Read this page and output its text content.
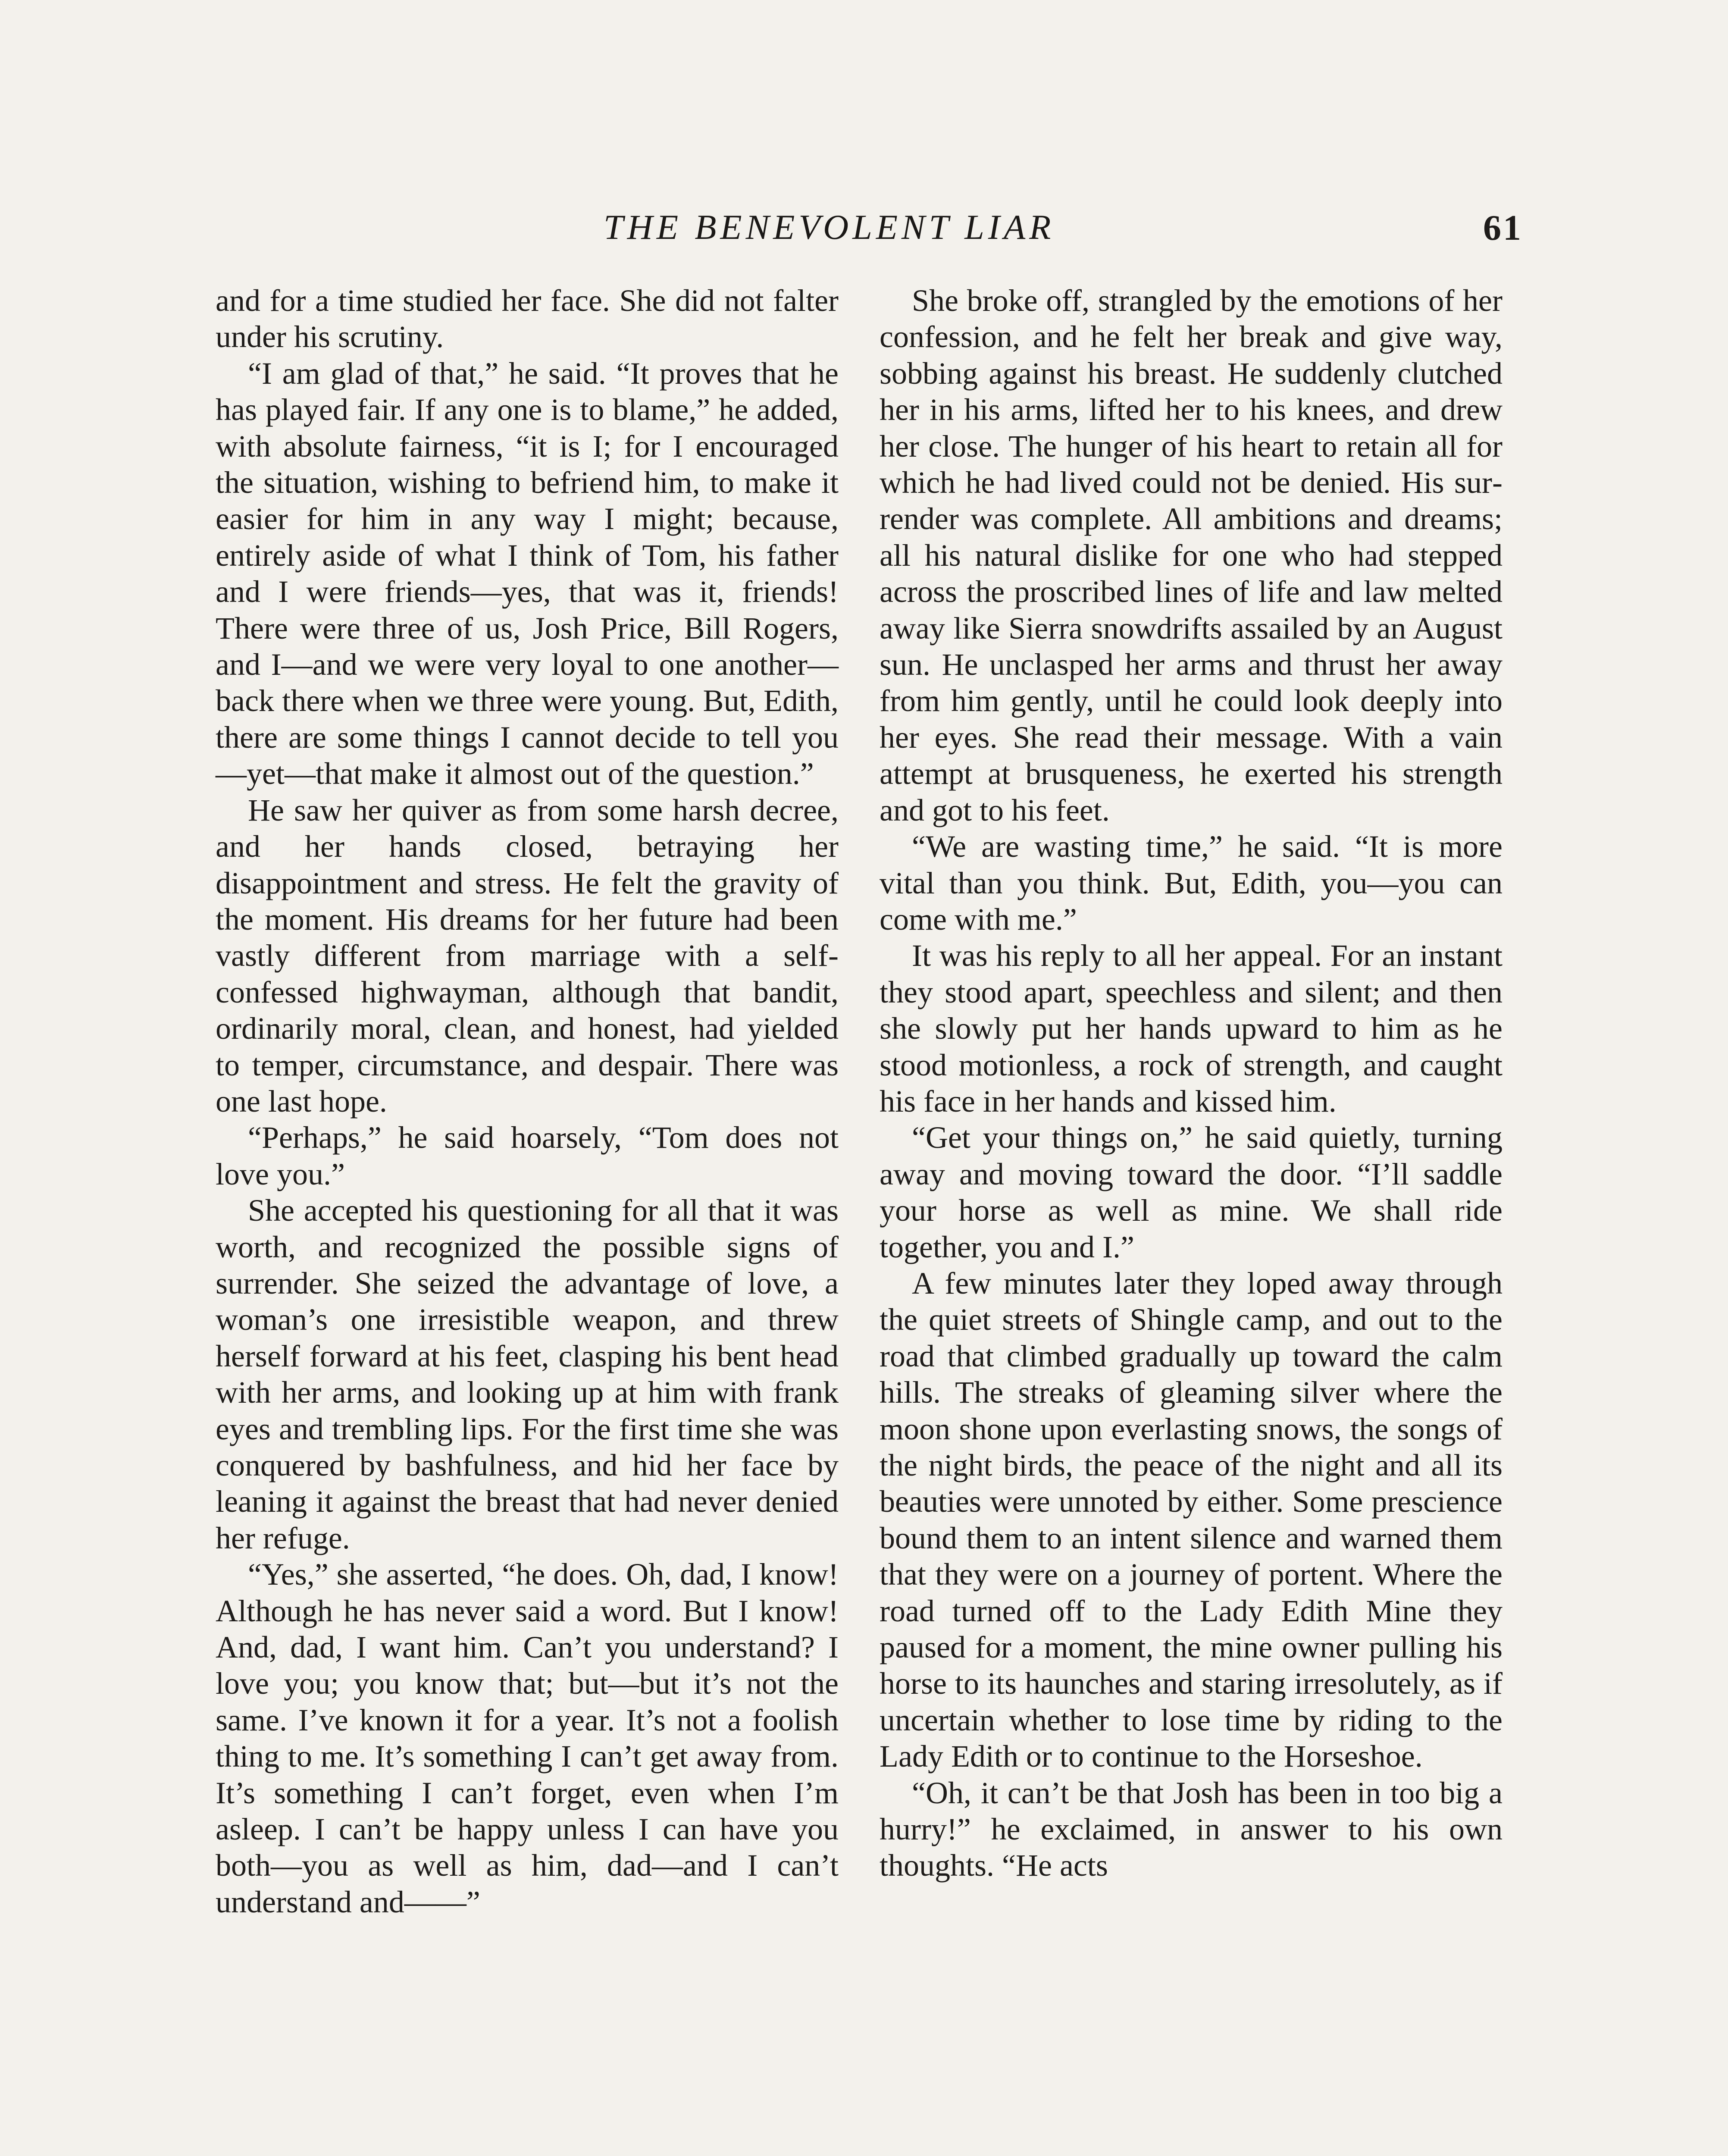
THE BENEVOLENT LIAR	61

and for a time studied her face. She did not falter under his scrutiny.

“I am glad of that,” he said. “It proves that he has played fair. If any one is to blame,” he added, with absolute fairness, “it is I; for I encouraged the situation, wishing to befriend him, to make it easier for him in any way I might; because, entirely aside of what I think of Tom, his father and I were friends—yes, that was it, friends! There were three of us, Josh Price, Bill Rogers, and I—and we were very loyal to one another—back there when we three were young. But, Edith, there are some things I cannot decide to tell you—yet—that make it almost out of the question.”

He saw her quiver as from some harsh decree, and her hands closed, betraying her disappointment and stress. He felt the gravity of the moment. His dreams for her future had been vastly different from marriage with a self-confessed highwayman, although that bandit, ordinarily moral, clean, and honest, had yielded to temper, circumstance, and despair. There was one last hope.

“Perhaps,” he said hoarsely, “Tom does not love you.”

She accepted his questioning for all that it was worth, and recognized the possible signs of surrender. She seized the advantage of love, a woman’s one irresistible weapon, and threw herself forward at his feet, clasping his bent head with her arms, and looking up at him with frank eyes and trembling lips. For the first time she was conquered by bashfulness, and hid her face by leaning it against the breast that had never denied her refuge.

“Yes,” she asserted, “he does. Oh, dad, I know! Although he has never said a word. But I know! And, dad, I want him. Can’t you understand? I love you; you know that; but—but it’s not the same. I’ve known it for a year. It’s not a foolish thing to me. It’s something I can’t get away from. It’s something I can’t forget, even when I’m asleep. I can’t be happy unless I can have you both—you as well as him, dad—and I can’t understand and——”

She broke off, strangled by the emotions of her confession, and he felt her break and give way, sobbing against his breast. He suddenly clutched her in his arms, lifted her to his knees, and drew her close. The hunger of his heart to retain all for which he had lived could not be denied. His surrender was complete. All ambitions and dreams; all his natural dislike for one who had stepped across the proscribed lines of life and law melted away like Sierra snowdrifts assailed by an August sun. He unclasped her arms and thrust her away from him gently, until he could look deeply into her eyes. She read their message. With a vain attempt at brusqueness, he exerted his strength and got to his feet.

“We are wasting time,” he said. “It is more vital than you think. But, Edith, you—you can come with me.”

It was his reply to all her appeal. For an instant they stood apart, speechless and silent; and then she slowly put her hands upward to him as he stood motionless, a rock of strength, and caught his face in her hands and kissed him.

“Get your things on,” he said quietly, turning away and moving toward the door. “I’ll saddle your horse as well as mine. We shall ride together, you and I.”

A few minutes later they loped away through the quiet streets of Shingle camp, and out to the road that climbed gradually up toward the calm hills. The streaks of gleaming silver where the moon shone upon everlasting snows, the songs of the night birds, the peace of the night and all its beauties were unnoted by either. Some prescience bound them to an intent silence and warned them that they were on a journey of portent. Where the road turned off to the Lady Edith Mine they paused for a moment, the mine owner pulling his horse to its haunches and staring irresolutely, as if uncertain whether to lose time by riding to the Lady Edith or to continue to the Horseshoe.

“Oh, it can’t be that Josh has been in too big a hurry!” he exclaimed, in answer to his own thoughts. “He acts
